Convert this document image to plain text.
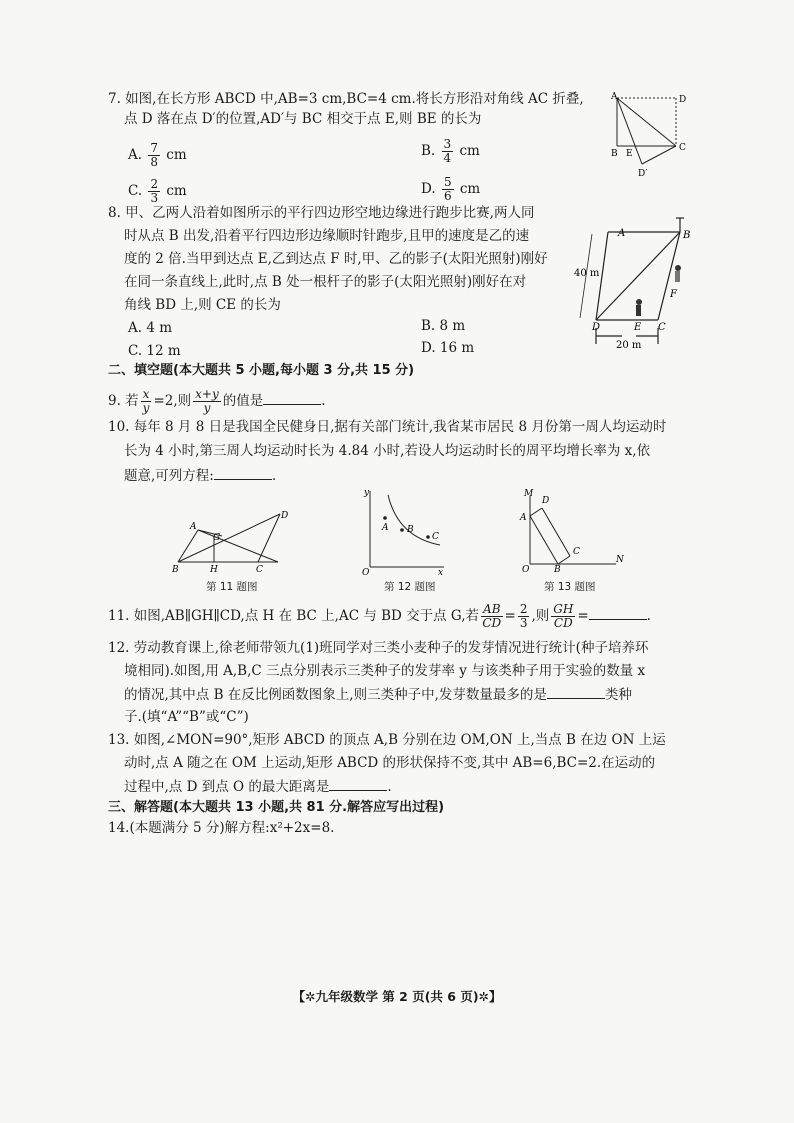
7. 如图,在长方形 ABCD 中,AB=3 cm,BC=4 cm.将长方形沿对角线 AC 折叠,
点 D 落在点 D′的位置,AD′与 BC 相交于点 E,则 BE 的长为
A. $\frac{7}{8}$ cm	B. $\frac{3}{4}$ cm
C. $\frac{2}{3}$ cm	D. $\frac{5}{6}$ cm
A	D
B E
C
D′
8. 甲、乙两人沿着如图所示的平行四边形空地边缘进行跑步比赛,两人同
时从点 B 出发,沿着平行四边形边缘顺时针跑步,且甲的速度是乙的速
度的 2 倍.当甲到达点 E,乙到达点 F 时,甲、乙的影子(太阳光照射)刚好
在同一条直线上,此时,点 B 处一根杆子的影子(太阳光照射)刚好在对
角线 BD 上,则 CE 的长为
A. 4 m	B. 8 m
C. 12 m	D. 16 m
A	B
F
D	E C
40 m
20 m
二、填空题(本大题共 5 小题,每小题 3 分,共 15 分)
9. 若 $\frac{x}{y} =2$,则 $\frac{x+y}{y}$ 的值是	.
10. 每年 8 月 8 日是我国全民健身日,据有关部门统计,我省某市居民 8 月份第一周人均运动时
长为 4 小时,第三周人均运动时长为 4.84 小时,若设人均运动时长的周平均增长率为 x,依
题意,可列方程:	.
A
G
D
B	H	C
第 11 题图
y
x
O
A B
C
第 12 题图
M
D
A
C
O	B
N
第 13 题图
11. 如图,AB∥GH∥CD,点 H 在 BC 上,AC 与 BD 交于点 G,若 $\frac{AB}{CD} = \frac{2}{3}$ ,则 $\frac{GH}{CD}$ =	.
12. 劳动教育课上,徐老师带领九(1)班同学对三类小麦种子的发芽情况进行统计(种子培养环
境相同).如图,用 A,B,C 三点分别表示三类种子的发芽率 y 与该类种子用于实验的数量 x
的情况,其中点 B 在反比例函数图象上,则三类种子中,发芽数量最多的是	类种
子.(填“A”“B”或“C”)
13. 如图,∠MON=90°,矩形 ABCD 的顶点 A,B 分别在边 OM,ON 上,当点 B 在边 ON 上运
动时,点 A 随之在 OM 上运动,矩形 ABCD 的形状保持不变,其中 AB=6,BC=2.在运动的
过程中,点 D 到点 O 的最大距离是	.
三、解答题(本大题共 13 小题,共 81 分.解答应写出过程)
14.(本题满分 5 分)解方程:x²+2x=8.
【✲九年级数学 第 2 页(共 6 页)✲】
